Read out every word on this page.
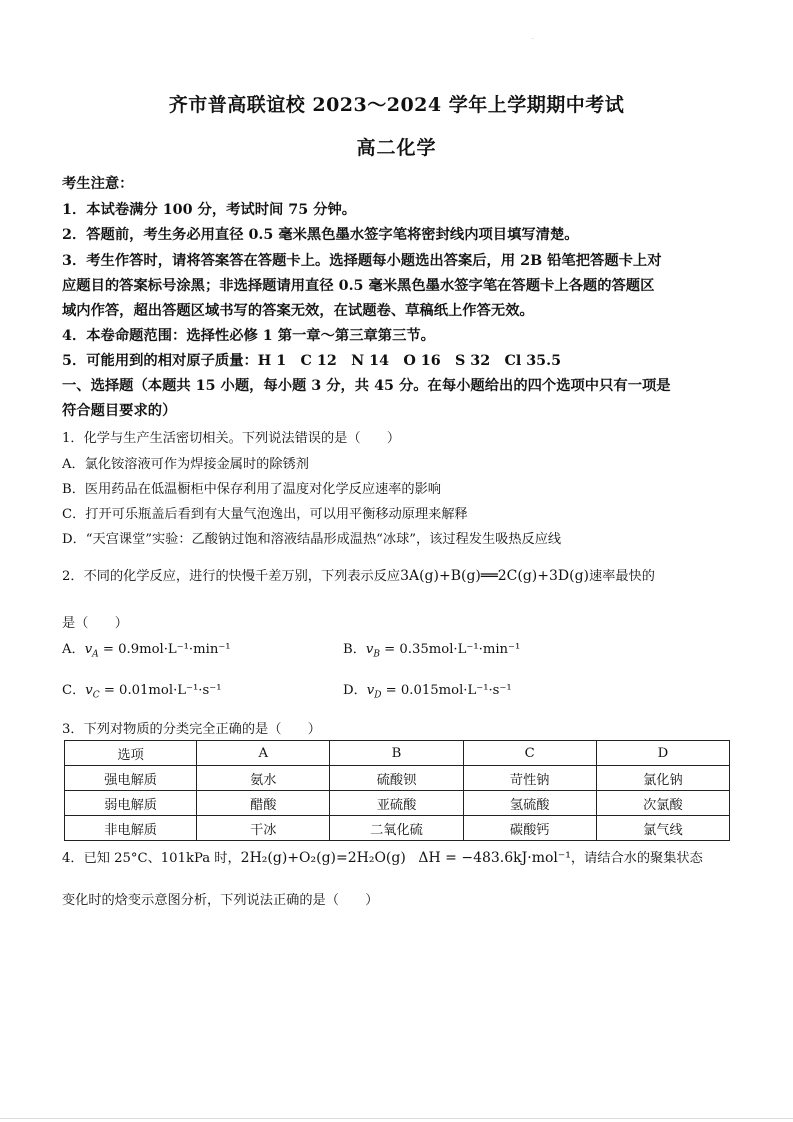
·
齐市普高联谊校 2023～2024 学年上学期期中考试
高二化学
考生注意：
1．本试卷满分 100 分，考试时间 75 分钟。
2．答题前，考生务必用直径 0.5 毫米黑色墨水签字笔将密封线内项目填写清楚。
3．考生作答时，请将答案答在答题卡上。选择题每小题选出答案后，用 2B 铅笔把答题卡上对
应题目的答案标号涂黑；非选择题请用直径 0.5 毫米黑色墨水签字笔在答题卡上各题的答题区
域内作答，超出答题区域书写的答案无效，在试题卷、草稿纸上作答无效。
4．本卷命题范围：选择性必修 1 第一章～第三章第三节。
5．可能用到的相对原子质量：H 1　C 12　N 14　O 16　S 32　Cl 35.5
一、选择题（本题共 15 小题，每小题 3 分，共 45 分。在每小题给出的四个选项中只有一项是
符合题目要求的）
1．化学与生产生活密切相关。下列说法错误的是（　　）
A．氯化铵溶液可作为焊接金属时的除锈剂
B．医用药品在低温橱柜中保存利用了温度对化学反应速率的影响
C．打开可乐瓶盖后看到有大量气泡逸出，可以用平衡移动原理来解释
D．“天宫课堂”实验：乙酸钠过饱和溶液结晶形成温热“冰球”，该过程发生吸热反应线
2．不同的化学反应，进行的快慢千差万别，下列表示反应3A(g)+B(g)══2C(g)+3D(g)速率最快的
是（　　）
A．$v_A = 0.9mol\cdot L^{-1}\cdot\min^{-1}$	B．$v_B = 0.35mol\cdot L^{-1}\cdot\min^{-1}$
C．$v_C = 0.01mol\cdot L^{-1}\cdot s^{-1}$	D．$v_D = 0.015mol\cdot L^{-1}\cdot s^{-1}$
3．下列对物质的分类完全正确的是（　　）
选项	A	B	C	D
强电解质	氨水	硫酸钡	苛性钠	氯化钠
弱电解质	醋酸	亚硫酸	氢硫酸	次氯酸
非电解质	干冰	二氧化硫	碳酸钙	氯气线
4．已知 25°C、101kPa 时，2H₂(g)+O₂(g)=2H₂O(g) ΔH = −483.6kJ·mol⁻¹，请结合水的聚集状态
变化时的焓变示意图分析，下列说法正确的是（　　）
